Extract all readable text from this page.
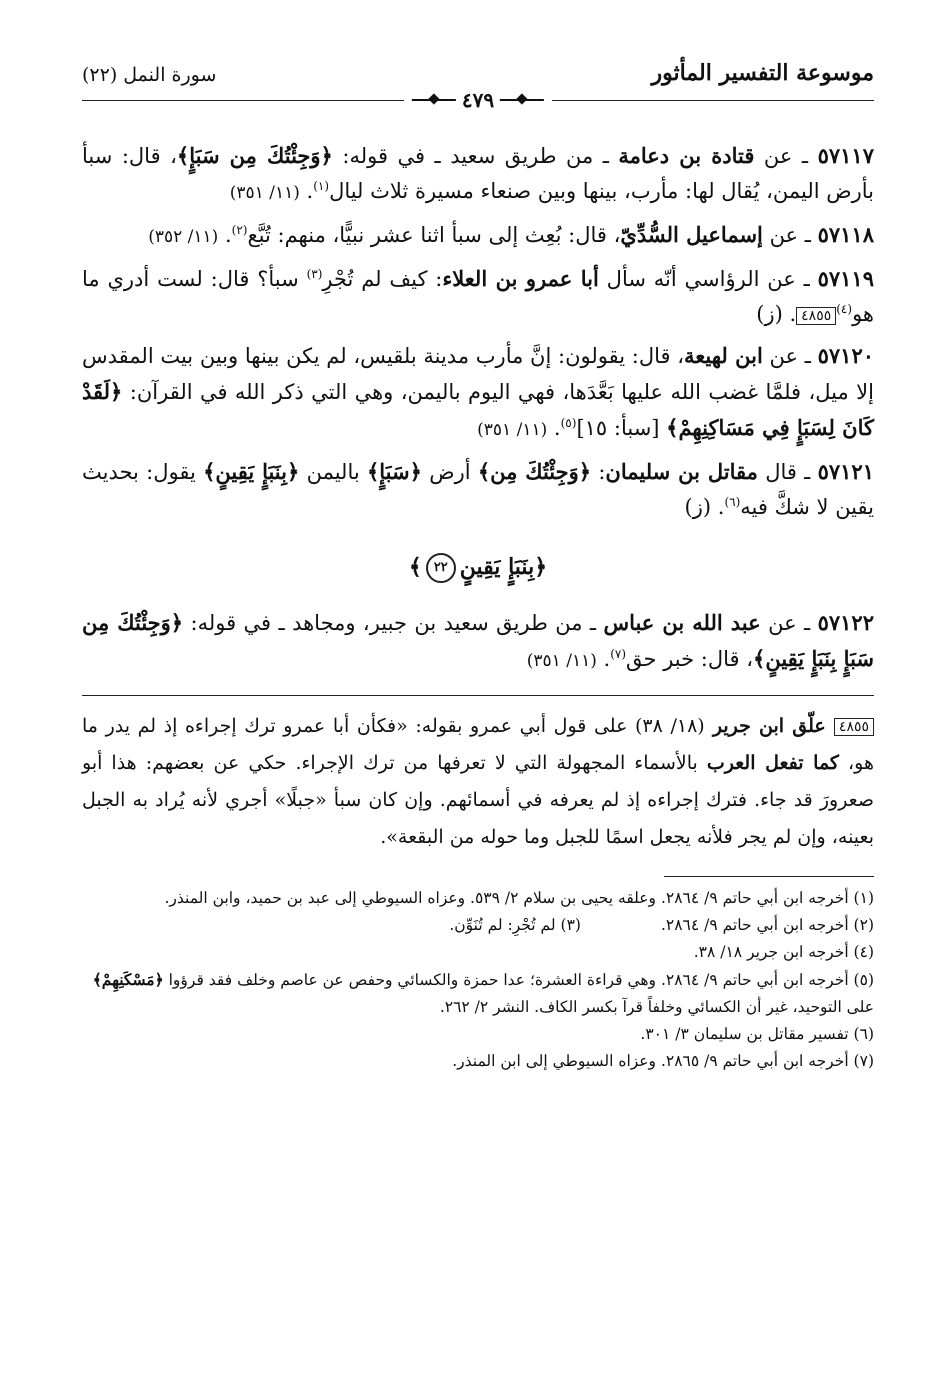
موسوعة التفسير المأثور
سورة النمل (٢٢)
٤٧٩

٥٧١١٧ ـ عن قتادة بن دعامة ـ من طريق سعيد ـ في قوله: ﴿وَجِئْتُكَ مِن سَبَإٍ﴾، قال: سبأ بأرض اليمن، يُقال لها: مأرب، بينها وبين صنعاء مسيرة ثلاث ليال$^{(١)}$. (١١/ ٣٥١)

٥٧١١٨ ـ عن إسماعيل السُّدِّيّ، قال: بُعِث إلى سبأ اثنا عشر نبيًّا، منهم: تُبَّع$^{(٢)}$. (١١/ ٣٥٢)

٥٧١١٩ ـ عن الرؤاسي أنّه سأل أبا عمرو بن العلاء: كيف لم تُجْرِ$^{(٣)}$ سبأ؟ قال: لست أدري ما هو$^{(٤)}$٤٨٥٥. (ز)

٥٧١٢٠ ـ عن ابن لهيعة، قال: يقولون: إنَّ مأرب مدينة بلقيس، لم يكن بينها وبين بيت المقدس إلا ميل، فلمَّا غضب الله عليها بَعَّدَها، فهي اليوم باليمن، وهي التي ذكر الله في القرآن: ﴿لَقَدْ كَانَ لِسَبَإٍ فِي مَسَاكِنِهِمْ﴾ [سبأ: ١٥]$^{(٥)}$. (١١/ ٣٥١)

٥٧١٢١ ـ قال مقاتل بن سليمان: ﴿وَجِئْتُكَ مِن﴾ أرض ﴿سَبَإٍ﴾ باليمن ﴿بِنَبَإٍ يَقِينٍ﴾ يقول: بحديث يقين لا شكَّ فيه$^{(٦)}$. (ز)

﴿بِنَبَإٍ يَقِينٍ٢٢﴾

٥٧١٢٢ ـ عن عبد الله بن عباس ـ من طريق سعيد بن جبير، ومجاهد ـ في قوله: ﴿وَجِئْتُكَ مِن سَبَإٍ بِنَبَإٍ يَقِينٍ﴾، قال: خبر حق$^{(٧)}$. (١١/ ٣٥١)

٤٨٥٥ علّق ابن جرير (١٨/ ٣٨) على قول أبي عمرو بقوله: «فكأن أبا عمرو ترك إجراءه إذ لم يدر ما هو، كما تفعل العرب بالأسماء المجهولة التي لا تعرفها من ترك الإجراء. حكي عن بعضهم: هذا أبو صعرورَ قد جاء. فترك إجراءه إذ لم يعرفه في أسمائهم. وإن كان سبأ «جبلًا» أجري لأنه يُراد به الجبل بعينه، وإن لم يجر فلأنه يجعل اسمًا للجبل وما حوله من البقعة».

(١) أخرجه ابن أبي حاتم ٩/ ٢٨٦٤. وعلقه يحيى بن سلام ٢/ ٥٣٩. وعزاه السيوطي إلى عبد بن حميد، وابن المنذر.

(٢) أخرجه ابن أبي حاتم ٩/ ٢٨٦٤.

(٣) لم تُجْرِ: لم تُنَوِّن.

(٤) أخرجه ابن جرير ١٨/ ٣٨.

(٥) أخرجه ابن أبي حاتم ٩/ ٢٨٦٤. وهي قراءة العشرة؛ عدا حمزة والكسائي وحفص عن عاصم وخلف فقد قرؤوا ﴿مَسْكَنِهِمْ﴾ على التوحيد، غير أن الكسائي وخلفاً قرآ بكسر الكاف. النشر ٢/ ٢٦٢.

(٦) تفسير مقاتل بن سليمان ٣/ ٣٠١.

(٧) أخرجه ابن أبي حاتم ٩/ ٢٨٦٥. وعزاه السيوطي إلى ابن المنذر.
